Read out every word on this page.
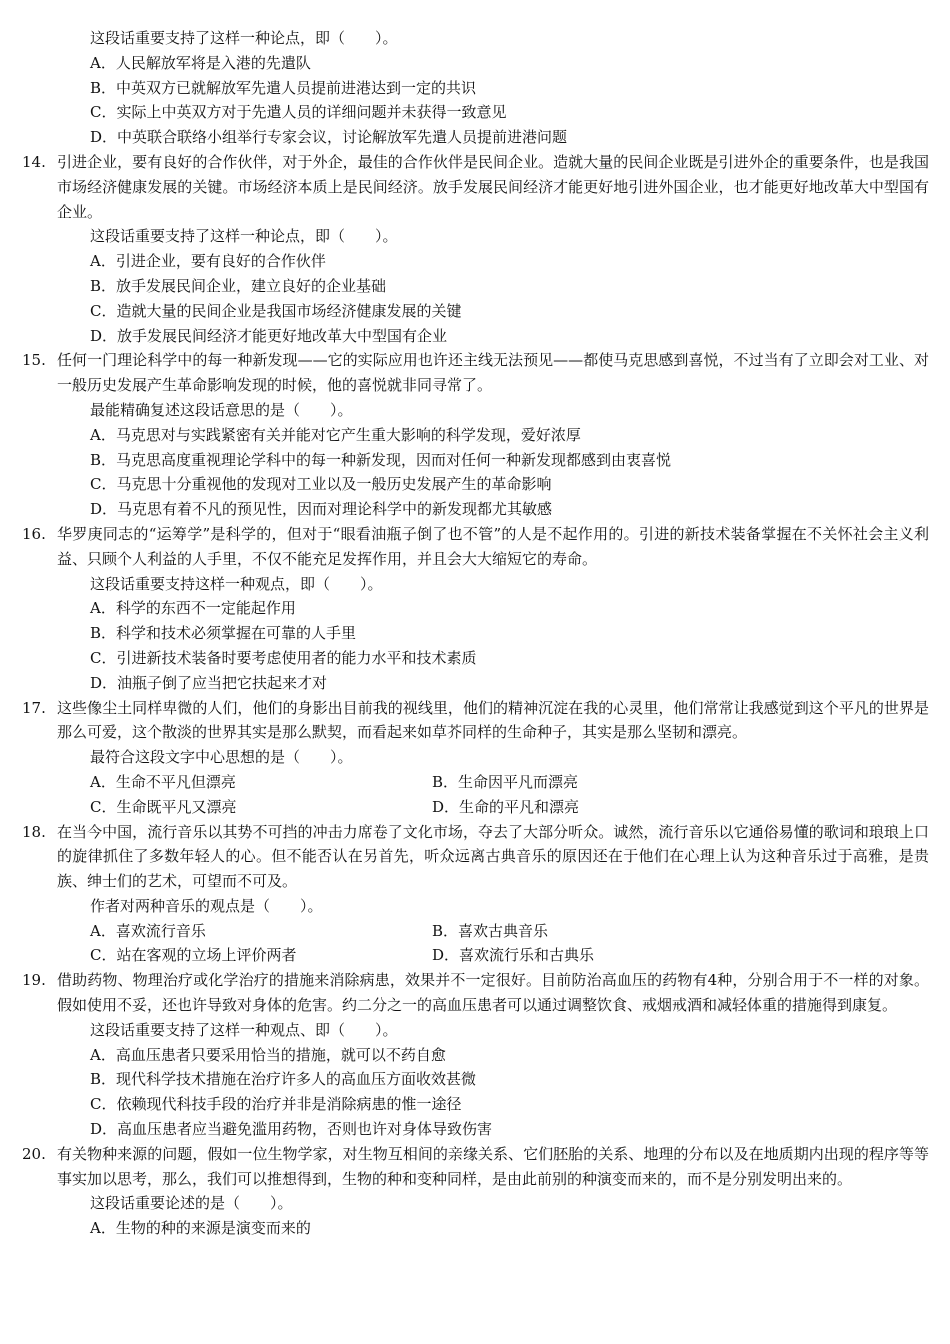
这段话重要支持了这样一种论点，即（　　）。
A．人民解放军将是入港的先遣队
B．中英双方已就解放军先遣人员提前进港达到一定的共识
C．实际上中英双方对于先遣人员的详细问题并未获得一致意见
D．中英联合联络小组举行专家会议，讨论解放军先遣人员提前进港问题
14. 引进企业，要有良好的合作伙伴，对于外企，最佳的合作伙伴是民间企业。造就大量的民间企业既是引进外企的重要条件，也是我国市场经济健康发展的关键。市场经济本质上是民间经济。放手发展民间经济才能更好地引进外国企业，也才能更好地改革大中型国有企业。
这段话重要支持了这样一种论点，即（　　）。
A．引进企业，要有良好的合作伙伴
B．放手发展民间企业，建立良好的企业基础
C．造就大量的民间企业是我国市场经济健康发展的关键
D．放手发展民间经济才能更好地改革大中型国有企业
15. 任何一门理论科学中的每一种新发现——它的实际应用也许还主线无法预见——都使马克思感到喜悦，不过当有了立即会对工业、对一般历史发展产生革命影响发现的时候，他的喜悦就非同寻常了。
最能精确复述这段话意思的是（　　）。
A．马克思对与实践紧密有关并能对它产生重大影响的科学发现，爱好浓厚
B．马克思高度重视理论学科中的每一种新发现，因而对任何一种新发现都感到由衷喜悦
C．马克思十分重视他的发现对工业以及一般历史发展产生的革命影响
D．马克思有着不凡的预见性，因而对理论科学中的新发现都尤其敏感
16. 华罗庚同志的“运筹学”是科学的，但对于“眼看油瓶子倒了也不管”的人是不起作用的。引进的新技术装备掌握在不关怀社会主义利益、只顾个人利益的人手里，不仅不能充足发挥作用，并且会大大缩短它的寿命。
这段话重要支持这样一种观点，即（　　）。
A．科学的东西不一定能起作用
B．科学和技术必须掌握在可靠的人手里
C．引进新技术装备时要考虑使用者的能力水平和技术素质
D．油瓶子倒了应当把它扶起来才对
17. 这些像尘土同样卑微的人们，他们的身影出目前我的视线里，他们的精神沉淀在我的心灵里，他们常常让我感觉到这个平凡的世界是那么可爱，这个散淡的世界其实是那么默契，而看起来如草芥同样的生命种子，其实是那么坚韧和漂亮。
最符合这段文字中心思想的是（　　）。
A．生命不平凡但漂亮	B．生命因平凡而漂亮
C．生命既平凡又漂亮	D．生命的平凡和漂亮
18. 在当今中国，流行音乐以其势不可挡的冲击力席卷了文化市场，夺去了大部分听众。诚然，流行音乐以它通俗易懂的歌词和琅琅上口的旋律抓住了多数年轻人的心。但不能否认在另首先，听众远离古典音乐的原因还在于他们在心理上认为这种音乐过于高雅，是贵族、绅士们的艺术，可望而不可及。
作者对两种音乐的观点是（　　）。
A．喜欢流行音乐	B．喜欢古典音乐
C．站在客观的立场上评价两者	D．喜欢流行乐和古典乐
19. 借助药物、物理治疗或化学治疗的措施来消除病患，效果并不一定很好。目前防治高血压的药物有4种，分别合用于不一样的对象。假如使用不妥，还也许导致对身体的危害。约二分之一的高血压患者可以通过调整饮食、戒烟戒酒和减轻体重的措施得到康复。
这段话重要支持了这样一种观点、即（　　）。
A．高血压患者只要采用恰当的措施，就可以不药自愈
B．现代科学技术措施在治疗许多人的高血压方面收效甚微
C．依赖现代科技手段的治疗并非是消除病患的惟一途径
D．高血压患者应当避免滥用药物，否则也许对身体导致伤害
20. 有关物种来源的问题，假如一位生物学家，对生物互相间的亲缘关系、它们胚胎的关系、地理的分布以及在地质期内出现的程序等等事实加以思考，那么，我们可以推想得到，生物的种和变种同样，是由此前别的种演变而来的，而不是分别发明出来的。
这段话重要论述的是（　　）。
A．生物的种的来源是演变而来的
